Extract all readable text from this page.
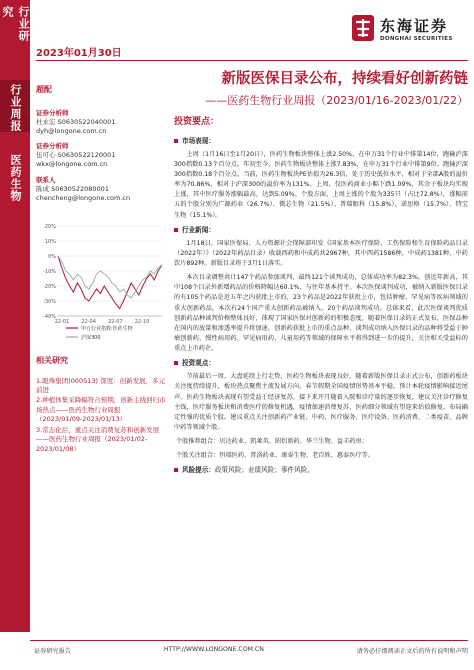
行业研究
行业周报
医药生物
2023年01月30日
东海证券
DONGHAI SECURITIES
新版医保目录公布，持续看好创新药链
——医药生物行业周报（2023/01/16-2023/01/22）
超配
证券分析师
杜永宏 S0630522040001
dyh@longone.com.cn
证券分析师
伍可心 S0630522120001
wkx@longone.com.cn
联系人
陈成 S0630522080001
chencheng@longone.com.cn
20%
10%
0%
-10%
-20%
-30%
-40%
22-01 22-04 22-07 22-10
申万行业指数:医药生物
沪深300
相关研究

1.眼珠集团(000513) 深度：创新发展，多元前进

2.种植体集采降幅符合预期，创新主线回归市场热点——医药生物行业周报（2023/01/09-2023/01/13）

3.常态化后，重点关注消费复苏和创新发展——医药生物行业周报（2023/01/02-2023/01/08）

投资要点：
市场表现：

上周（1月16日至1月20日），医药生物板块整体上涨2.50%，在申万31个行业中排第14位，跑输沪深300指数0.13个百分点。年初至今，医药生物板块整体上涨7.83%，在申万31个行业中排第9位，跑输沪深300指数0.18个百分点。当前，医药生物板块PE估值为26.3倍，处于历史低位水平，相对于全部A股的溢价率为70.86%，相对于沪深300的溢价率为131%。上周，仅医药商业小幅下跌1.09%，其余子板块均实现上涨，其中医疗服务涨幅最高，达到5.09%。个股方面，上周上涨的个股为335只（占比72.8%），涨幅前五的个股分别为广源药业（26.7%）、微芯生物（21.5%）、普瑞眼科（15.8%）、诺思格（15.7%）、特宝生物（15.1%）。

行业新闻：

1月18日，国家医保局、人力资源社会保障部印发《国家基本医疗保险、工伤保险和生育保险药品目录（2022年）》（2022年药品目录）收载西药和中成药共2967种，其中西药1586种，中成药1381种，中药饮片892种。新版目录将于3月1日落实。

本次目录调整共计147个药品参加谈判，最终121个谈判成功，总体成功率为82.3%，创近年新高，其中108个目录外新增药品的价格降幅达60.1%，与往年基本持平。本次医保谈判成功，被纳入新版医保目录的有105个药品是近五年之内获批上市的，23个药品是2022年获批上市，包括肿瘤、罕见病等疾病领域的重大创新药品，本次有24个国产重大创新药品被纳入，20个药品谈判成功。总体来看，此次医保谈判优质创新药品种谈判价格整体良好，体现了国家医保对创新药的积极态度，随着医保目录的正式发布，医保品种在国内的放量和渗透率提升将加速。创新药获批上市的重点品种，谈判成功纳入医保目录的品种将受益于肿瘤创新药、慢性病用药、罕见病用药、儿童用药等领域的保障水平将得到进一步的提升，关注相关受益标的重点上市药企。

投资观点：

节前最后一周，大盘延续上行走势，医药生物板块表现良好。随着新版医保目录正式公布，创新药板块关注度持续提升，板块热点聚焦主流发展方向。春节假期全国疫情形势基本平稳，预计本轮疫情影响接近尾声。医药生物板块表现有望受益于经济复苏，接下来开月随着入院和诊疗量的逐步恢复，建议关注诊疗修复主线，医疗服务板块和消费医疗的修复机遇，疫情加速消费复苏，医药细分领域有望迎来估值修复，布局确定性强的优质个股。建议重点关注创新药产业链、中药、医疗服务、医疗设备、医药消费、二类疫苗、品牌中药等领域个股。

个股推荐组合：贝达药业、凯莱英、昭衍新药、华兰生物、益丰药房；

个股关注组合：恒瑞医药、普洛药业、康泰生物、老百姓、惠泰医疗等。

风险提示： 政策风险；业绩风险；事件风险。
证券研究报告	HTTP://WWW.LONGONE.COM.CN	请务必仔细阅读正文后的所有说明和声明
